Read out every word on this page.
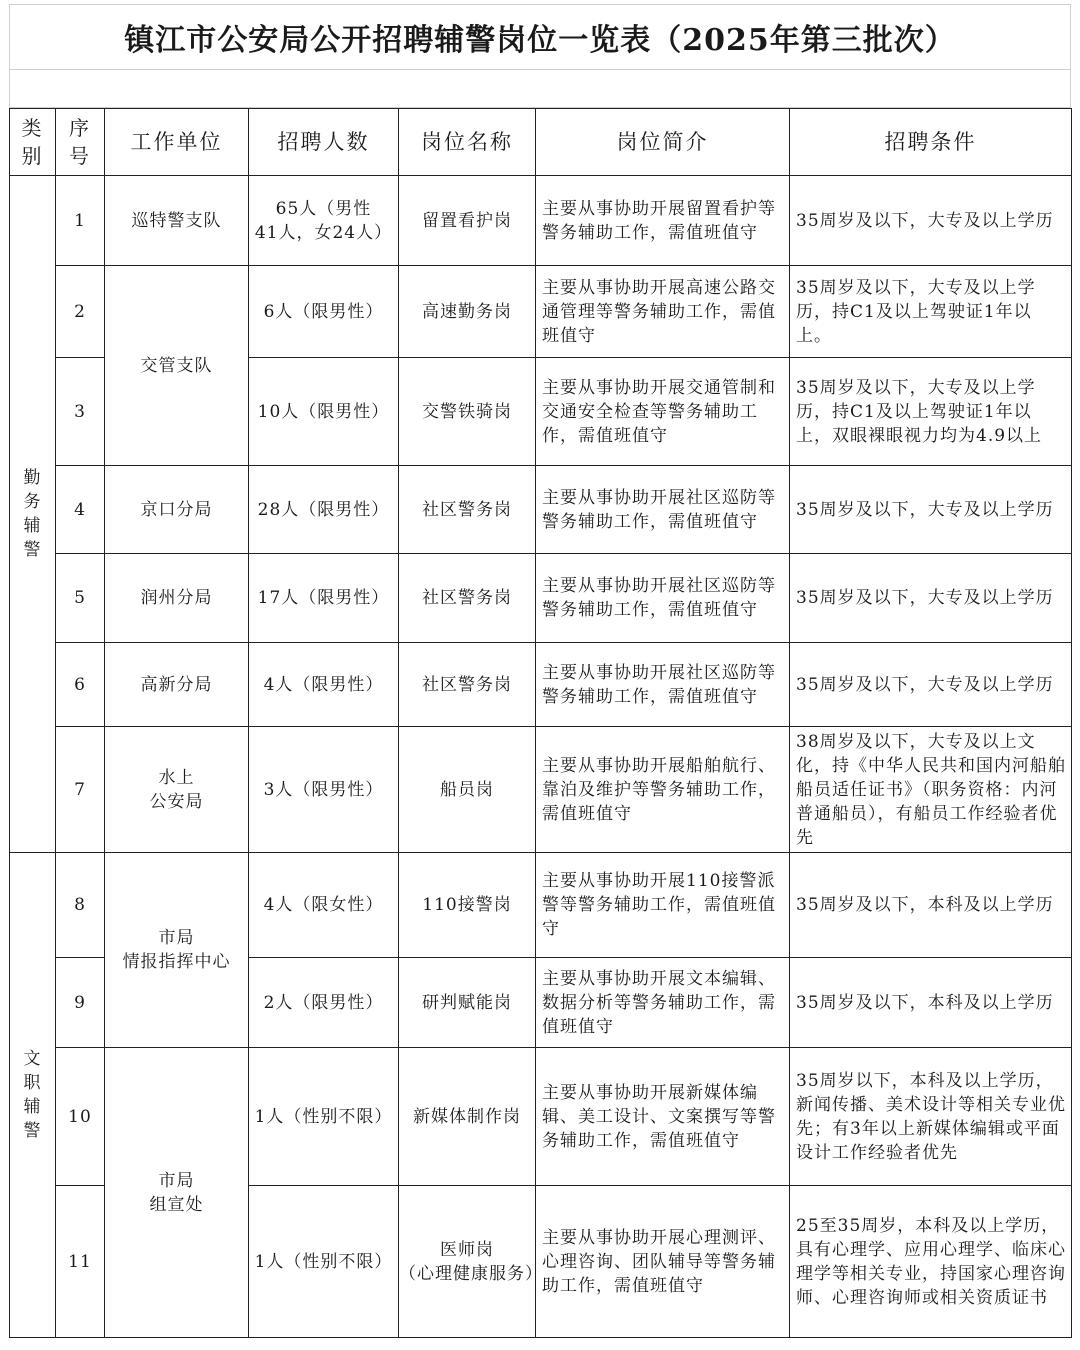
镇江市公安局公开招聘辅警岗位一览表（2025年第三批次）
类
别	序
号	工作单位	招聘人数	岗位名称	岗位简介	招聘条件
勤
务
辅
警	1	巡特警支队	65人（男性
41人，女24人）	留置看护岗	主要从事协助开展留置看护等警务辅助工作，需值班值守	35周岁及以下，大专及以上学历
	2	交管支队	6人（限男性）	高速勤务岗	主要从事协助开展高速公路交通管理等警务辅助工作，需值班值守	35周岁及以下，大专及以上学历，持C1及以上驾驶证1年以上。
	3		10人（限男性）	交警铁骑岗	主要从事协助开展交通管制和交通安全检查等警务辅助工作，需值班值守	35周岁及以下，大专及以上学历，持C1及以上驾驶证1年以上，双眼裸眼视力均为4.9以上
	4	京口分局	28人（限男性）	社区警务岗	主要从事协助开展社区巡防等警务辅助工作，需值班值守	35周岁及以下，大专及以上学历
	5	润州分局	17人（限男性）	社区警务岗	主要从事协助开展社区巡防等警务辅助工作，需值班值守	35周岁及以下，大专及以上学历
	6	高新分局	4人（限男性）	社区警务岗	主要从事协助开展社区巡防等警务辅助工作，需值班值守	35周岁及以下，大专及以上学历
	7	水上
公安局	3人（限男性）	船员岗	主要从事协助开展船舶航行、靠泊及维护等警务辅助工作，需值班值守	38周岁及以下，大专及以上文化，持《中华人民共和国内河船舶船员适任证书》（职务资格：内河普通船员），有船员工作经验者优先
文
职
辅
警	8	市局
情报指挥中心	4人（限女性）	110接警岗	主要从事协助开展110接警派警等警务辅助工作，需值班值守	35周岁及以下，本科及以上学历
	9		2人（限男性）	研判赋能岗	主要从事协助开展文本编辑、数据分析等警务辅助工作，需值班值守	35周岁及以下，本科及以上学历
	10	市局
组宣处	1人（性别不限）	新媒体制作岗	主要从事协助开展新媒体编辑、美工设计、文案撰写等警务辅助工作，需值班值守	35周岁以下，本科及以上学历，新闻传播、美术设计等相关专业优先；有3年以上新媒体编辑或平面设计工作经验者优先
	11		1人（性别不限）	医师岗
（心理健康服务）	主要从事协助开展心理测评、心理咨询、团队辅导等警务辅助工作，需值班值守	25至35周岁，本科及以上学历，具有心理学、应用心理学、临床心理学等相关专业，持国家心理咨询师、心理咨询师或相关资质证书
